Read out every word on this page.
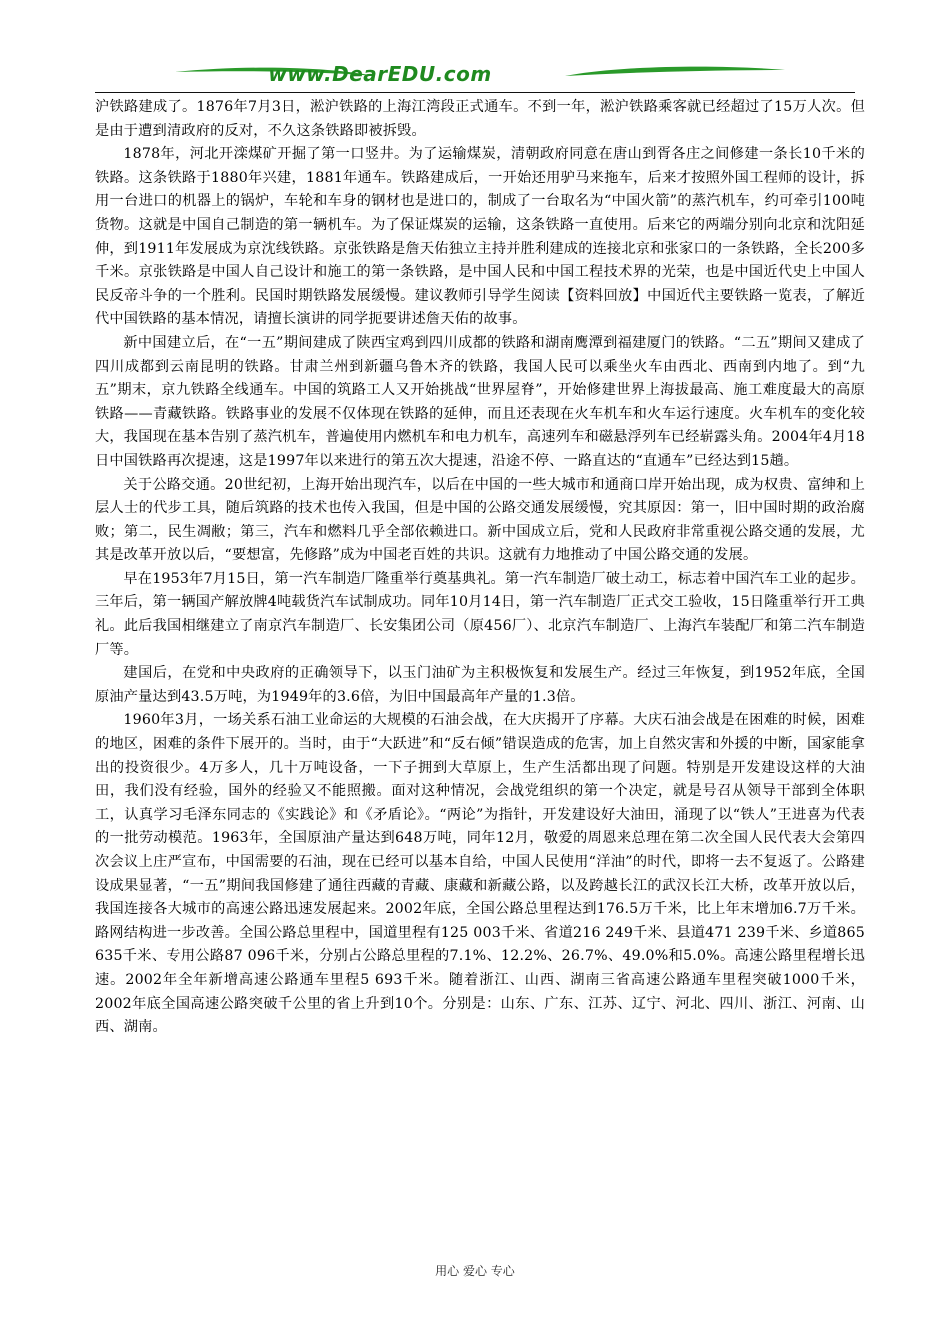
www.DearEDU.com

沪铁路建成了。1876年7月3日，淞沪铁路的上海江湾段正式通车。不到一年，淞沪铁路乘客就已经超过了15万人次。但是由于遭到清政府的反对，不久这条铁路即被拆毁。

1878年，河北开滦煤矿开掘了第一口竖井。为了运输煤炭，清朝政府同意在唐山到胥各庄之间修建一条长10千米的铁路。这条铁路于1880年兴建，1881年通车。铁路建成后，一开始还用驴马来拖车，后来才按照外国工程师的设计，拆用一台进口的机器上的锅炉，车轮和车身的钢材也是进口的，制成了一台取名为“中国火箭”的蒸汽机车，约可牵引100吨货物。这就是中国自己制造的第一辆机车。为了保证煤炭的运输，这条铁路一直使用。后来它的两端分别向北京和沈阳延伸，到1911年发展成为京沈线铁路。京张铁路是詹天佑独立主持并胜利建成的连接北京和张家口的一条铁路，全长200多千米。京张铁路是中国人自己设计和施工的第一条铁路，是中国人民和中国工程技术界的光荣，也是中国近代史上中国人民反帝斗争的一个胜利。民国时期铁路发展缓慢。建议教师引导学生阅读【资料回放】中国近代主要铁路一览表，了解近代中国铁路的基本情况，请擅长演讲的同学扼要讲述詹天佑的故事。

新中国建立后，在“一五”期间建成了陕西宝鸡到四川成都的铁路和湖南鹰潭到福建厦门的铁路。“二五”期间又建成了四川成都到云南昆明的铁路。甘肃兰州到新疆乌鲁木齐的铁路，我国人民可以乘坐火车由西北、西南到内地了。到“九五”期末，京九铁路全线通车。中国的筑路工人又开始挑战“世界屋脊”，开始修建世界上海拔最高、施工难度最大的高原铁路——青藏铁路。铁路事业的发展不仅体现在铁路的延伸，而且还表现在火车机车和火车运行速度。火车机车的变化较大，我国现在基本告别了蒸汽机车，普遍使用内燃机车和电力机车，高速列车和磁悬浮列车已经崭露头角。2004年4月18日中国铁路再次提速，这是1997年以来进行的第五次大提速，沿途不停、一路直达的“直通车”已经达到15趟。

关于公路交通。20世纪初，上海开始出现汽车，以后在中国的一些大城市和通商口岸开始出现，成为权贵、富绅和上层人士的代步工具，随后筑路的技术也传入我国，但是中国的公路交通发展缓慢，究其原因：第一，旧中国时期的政治腐败；第二，民生凋敝；第三，汽车和燃料几乎全部依赖进口。新中国成立后，党和人民政府非常重视公路交通的发展，尤其是改革开放以后，“要想富，先修路”成为中国老百姓的共识。这就有力地推动了中国公路交通的发展。

早在1953年7月15日，第一汽车制造厂隆重举行奠基典礼。第一汽车制造厂破土动工，标志着中国汽车工业的起步。三年后，第一辆国产解放牌4吨载货汽车试制成功。同年10月14日，第一汽车制造厂正式交工验收，15日隆重举行开工典礼。此后我国相继建立了南京汽车制造厂、长安集团公司（原456厂）、北京汽车制造厂、上海汽车装配厂和第二汽车制造厂等。

建国后，在党和中央政府的正确领导下，以玉门油矿为主积极恢复和发展生产。经过三年恢复，到1952年底，全国原油产量达到43.5万吨，为1949年的3.6倍，为旧中国最高年产量的1.3倍。

1960年3月，一场关系石油工业命运的大规模的石油会战，在大庆揭开了序幕。大庆石油会战是在困难的时候，困难的地区，困难的条件下展开的。当时，由于“大跃进”和“反右倾”错误造成的危害，加上自然灾害和外援的中断，国家能拿出的投资很少。4万多人，几十万吨设备，一下子拥到大草原上，生产生活都出现了问题。特别是开发建设这样的大油田，我们没有经验，国外的经验又不能照搬。面对这种情况，会战党组织的第一个决定，就是号召从领导干部到全体职工，认真学习毛泽东同志的《实践论》和《矛盾论》。“两论”为指针，开发建设好大油田，涌现了以“铁人”王进喜为代表的一批劳动模范。1963年，全国原油产量达到648万吨，同年12月，敬爱的周恩来总理在第二次全国人民代表大会第四次会议上庄严宣布，中国需要的石油，现在已经可以基本自给，中国人民使用“洋油”的时代，即将一去不复返了。公路建设成果显著，“一五”期间我国修建了通往西藏的青藏、康藏和新藏公路，以及跨越长江的武汉长江大桥，改革开放以后，我国连接各大城市的高速公路迅速发展起来。2002年底，全国公路总里程达到176.5万千米，比上年末增加6.7万千米。路网结构进一步改善。全国公路总里程中，国道里程有125 003千米、省道216 249千米、县道471 239千米、乡道865 635千米、专用公路87 096千米，分别占公路总里程的7.1%、12.2%、26.7%、49.0%和5.0%。高速公路里程增长迅速。2002年全年新增高速公路通车里程5 693千米。随着浙江、山西、湖南三省高速公路通车里程突破1000千米，2002年底全国高速公路突破千公里的省上升到10个。分别是：山东、广东、江苏、辽宁、河北、四川、浙江、河南、山西、湖南。

用心 爱心 专心
